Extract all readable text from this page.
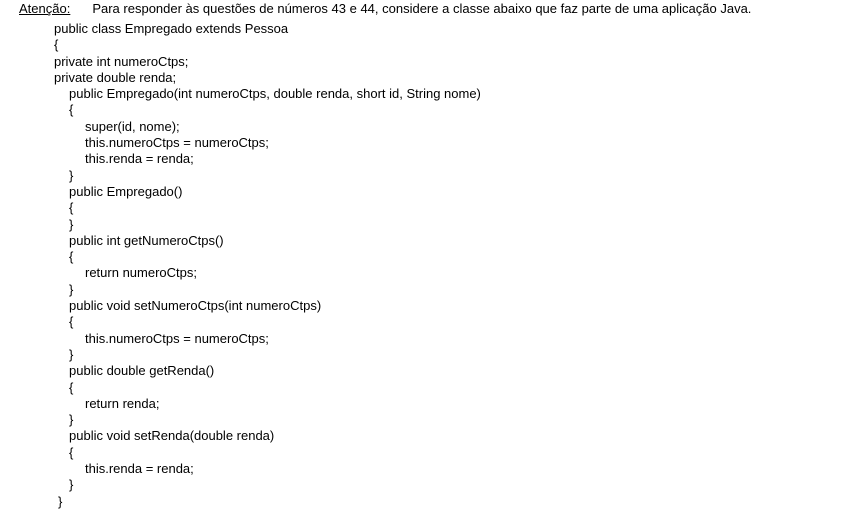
Atenção: Para responder às questões de números 43 e 44, considere a classe abaixo que faz parte de uma aplicação Java.
public class Empregado extends Pessoa
{
private int numeroCtps;
private double renda;
public Empregado(int numeroCtps, double renda, short id, String nome)
{
super(id, nome);
this.numeroCtps = numeroCtps;
this.renda = renda;
}
public Empregado()
{
}
public int getNumeroCtps()
{
return numeroCtps;
}
public void setNumeroCtps(int numeroCtps)
{
this.numeroCtps = numeroCtps;
}
public double getRenda()
{
return renda;
}
public void setRenda(double renda)
{
this.renda = renda;
}
}
